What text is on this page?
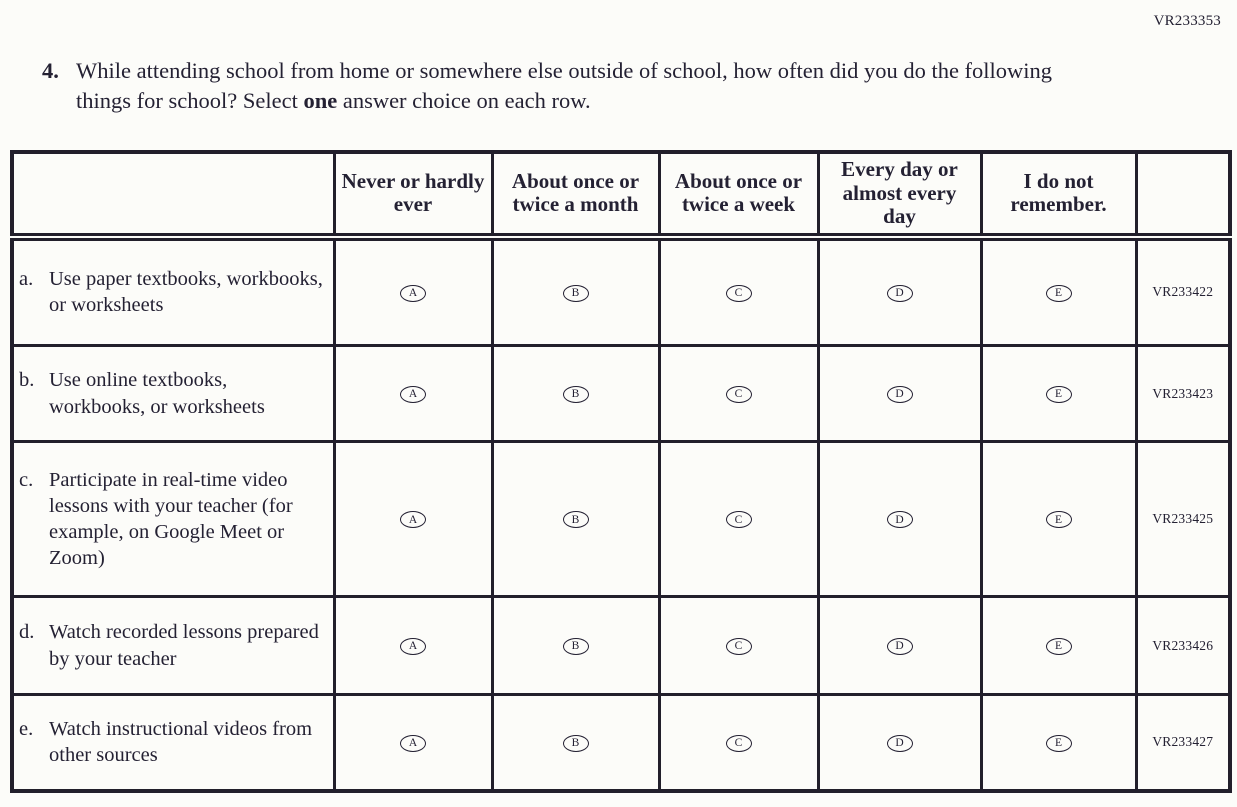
VR233353
4. While attending school from home or somewhere else outside of school, how often did you do the following things for school? Select one answer choice on each row.
	Never or hardly ever	About once or twice a month	About once or twice a week	Every day or almost every day	I do not remember.	

a. Use paper textbooks, workbooks, or worksheets	A	B	C	D	E	VR233422

b. Use online textbooks, workbooks, or worksheets	A	B	C	D	E	VR233423

c. Participate in real-time video lessons with your teacher (for example, on Google Meet or Zoom)	A	B	C	D	E	VR233425

d. Watch recorded lessons prepared by your teacher	A	B	C	D	E	VR233426

e. Watch instructional videos from other sources	A	B	C	D	E	VR233427
